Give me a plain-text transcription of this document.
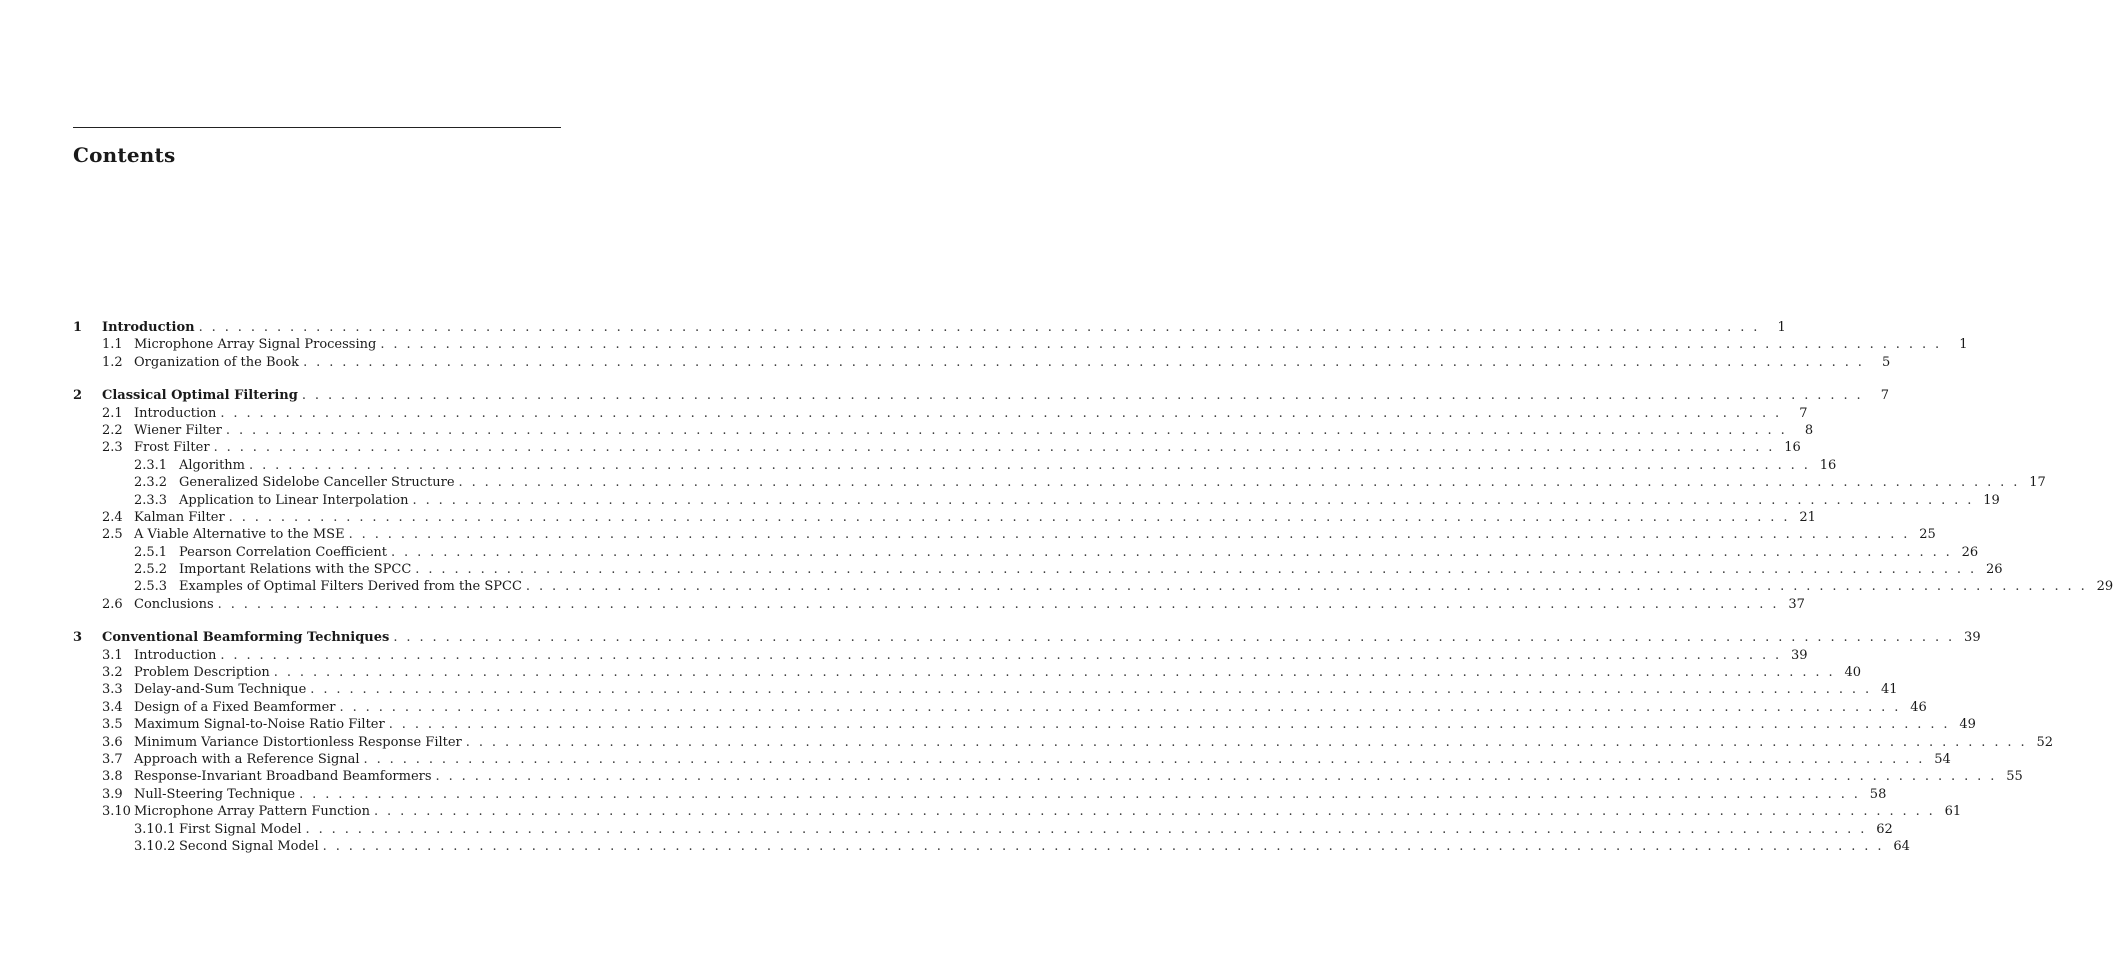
Contents
1 Introduction . . . . . . . . . . . . . . . . . . . . . . . . . . . . . . . . . . . . . . . . . . . . . . . . . . . . . . . . . . . . . . . . . . . . . . . . . . . . . . . . . . . . . . . . . . . . . . . . . . . . . . . . . . . . . . . . . . . . . . . .	1
1.1 Microphone Array Signal Processing . . . . . . . . . . . . . . . . . . . . . . . . . . . . . . . . . . . . . . . . . . . . . . . . . . . . . . . . . . . . . . . . . . . . . . . . . . . . . . . . . . . . . . . . . . . . . . . . . . . . . . . . . . . . . . . . . . . . . . . .	1
1.2 Organization of the Book . . . . . . . . . . . . . . . . . . . . . . . . . . . . . . . . . . . . . . . . . . . . . . . . . . . . . . . . . . . . . . . . . . . . . . . . . . . . . . . . . . . . . . . . . . . . . . . . . . . . . . . . . . . . . . . . . . . . . . . .	5
2 Classical Optimal Filtering . . . . . . . . . . . . . . . . . . . . . . . . . . . . . . . . . . . . . . . . . . . . . . . . . . . . . . . . . . . . . . . . . . . . . . . . . . . . . . . . . . . . . . . . . . . . . . . . . . . . . . . . . . . . . . . . . . . . . . . .	7
2.1 Introduction . . . . . . . . . . . . . . . . . . . . . . . . . . . . . . . . . . . . . . . . . . . . . . . . . . . . . . . . . . . . . . . . . . . . . . . . . . . . . . . . . . . . . . . . . . . . . . . . . . . . . . . . . . . . . . . . . . . . . . . .	7
2.2 Wiener Filter . . . . . . . . . . . . . . . . . . . . . . . . . . . . . . . . . . . . . . . . . . . . . . . . . . . . . . . . . . . . . . . . . . . . . . . . . . . . . . . . . . . . . . . . . . . . . . . . . . . . . . . . . . . . . . . . . . . . . . . .	8
2.3 Frost Filter . . . . . . . . . . . . . . . . . . . . . . . . . . . . . . . . . . . . . . . . . . . . . . . . . . . . . . . . . . . . . . . . . . . . . . . . . . . . . . . . . . . . . . . . . . . . . . . . . . . . . . . . . . . . . . . . . . . . . . . . 16
2.3.1 Algorithm . . . . . . . . . . . . . . . . . . . . . . . . . . . . . . . . . . . . . . . . . . . . . . . . . . . . . . . . . . . . . . . . . . . . . . . . . . . . . . . . . . . . . . . . . . . . . . . . . . . . . . . . . . . . . . . . . . . . . . . . 16
2.3.2 Generalized Sidelobe Canceller Structure . . . . . . . . . . . . . . . . . . . . . . . . . . . . . . . . . . . . . . . . . . . . . . . . . . . . . . . . . . . . . . . . . . . . . . . . . . . . . . . . . . . . . . . . . . . . . . . . . . . . . . . . . . . . . . . . . . . . . . . . 17
2.3.3 Application to Linear Interpolation . . . . . . . . . . . . . . . . . . . . . . . . . . . . . . . . . . . . . . . . . . . . . . . . . . . . . . . . . . . . . . . . . . . . . . . . . . . . . . . . . . . . . . . . . . . . . . . . . . . . . . . . . . . . . . . . . . . . . . . . 19
2.4 Kalman Filter . . . . . . . . . . . . . . . . . . . . . . . . . . . . . . . . . . . . . . . . . . . . . . . . . . . . . . . . . . . . . . . . . . . . . . . . . . . . . . . . . . . . . . . . . . . . . . . . . . . . . . . . . . . . . . . . . . . . . . . . 21
2.5 A Viable Alternative to the MSE . . . . . . . . . . . . . . . . . . . . . . . . . . . . . . . . . . . . . . . . . . . . . . . . . . . . . . . . . . . . . . . . . . . . . . . . . . . . . . . . . . . . . . . . . . . . . . . . . . . . . . . . . . . . . . . . . . . . . . . . 25
2.5.1 Pearson Correlation Coefficient . . . . . . . . . . . . . . . . . . . . . . . . . . . . . . . . . . . . . . . . . . . . . . . . . . . . . . . . . . . . . . . . . . . . . . . . . . . . . . . . . . . . . . . . . . . . . . . . . . . . . . . . . . . . . . . . . . . . . . . . 26
2.5.2 Important Relations with the SPCC . . . . . . . . . . . . . . . . . . . . . . . . . . . . . . . . . . . . . . . . . . . . . . . . . . . . . . . . . . . . . . . . . . . . . . . . . . . . . . . . . . . . . . . . . . . . . . . . . . . . . . . . . . . . . . . . . . . . . . . . 26
2.5.3 Examples of Optimal Filters Derived from the SPCC . . . . . . . . . . . . . . . . . . . . . . . . . . . . . . . . . . . . . . . . . . . . . . . . . . . . . . . . . . . . . . . . . . . . . . . . . . . . . . . . . . . . . . . . . . . . . . . . . . . . . . . . . . . . . . . . . . . . . . . . 29
2.6 Conclusions . . . . . . . . . . . . . . . . . . . . . . . . . . . . . . . . . . . . . . . . . . . . . . . . . . . . . . . . . . . . . . . . . . . . . . . . . . . . . . . . . . . . . . . . . . . . . . . . . . . . . . . . . . . . . . . . . . . . . . . . 37
3 Conventional Beamforming Techniques . . . . . . . . . . . . . . . . . . . . . . . . . . . . . . . . . . . . . . . . . . . . . . . . . . . . . . . . . . . . . . . . . . . . . . . . . . . . . . . . . . . . . . . . . . . . . . . . . . . . . . . . . . . . . . . . . . . . . . . . 39
3.1 Introduction . . . . . . . . . . . . . . . . . . . . . . . . . . . . . . . . . . . . . . . . . . . . . . . . . . . . . . . . . . . . . . . . . . . . . . . . . . . . . . . . . . . . . . . . . . . . . . . . . . . . . . . . . . . . . . . . . . . . . . . . 39
3.2 Problem Description . . . . . . . . . . . . . . . . . . . . . . . . . . . . . . . . . . . . . . . . . . . . . . . . . . . . . . . . . . . . . . . . . . . . . . . . . . . . . . . . . . . . . . . . . . . . . . . . . . . . . . . . . . . . . . . . . . . . . . . . 40
3.3 Delay-and-Sum Technique . . . . . . . . . . . . . . . . . . . . . . . . . . . . . . . . . . . . . . . . . . . . . . . . . . . . . . . . . . . . . . . . . . . . . . . . . . . . . . . . . . . . . . . . . . . . . . . . . . . . . . . . . . . . . . . . . . . . . . . . 41
3.4 Design of a Fixed Beamformer . . . . . . . . . . . . . . . . . . . . . . . . . . . . . . . . . . . . . . . . . . . . . . . . . . . . . . . . . . . . . . . . . . . . . . . . . . . . . . . . . . . . . . . . . . . . . . . . . . . . . . . . . . . . . . . . . . . . . . . . 46
3.5 Maximum Signal-to-Noise Ratio Filter . . . . . . . . . . . . . . . . . . . . . . . . . . . . . . . . . . . . . . . . . . . . . . . . . . . . . . . . . . . . . . . . . . . . . . . . . . . . . . . . . . . . . . . . . . . . . . . . . . . . . . . . . . . . . . . . . . . . . . . . 49
3.6 Minimum Variance Distortionless Response Filter . . . . . . . . . . . . . . . . . . . . . . . . . . . . . . . . . . . . . . . . . . . . . . . . . . . . . . . . . . . . . . . . . . . . . . . . . . . . . . . . . . . . . . . . . . . . . . . . . . . . . . . . . . . . . . . . . . . . . . . . 52
3.7 Approach with a Reference Signal . . . . . . . . . . . . . . . . . . . . . . . . . . . . . . . . . . . . . . . . . . . . . . . . . . . . . . . . . . . . . . . . . . . . . . . . . . . . . . . . . . . . . . . . . . . . . . . . . . . . . . . . . . . . . . . . . . . . . . . . 54
3.8 Response-Invariant Broadband Beamformers . . . . . . . . . . . . . . . . . . . . . . . . . . . . . . . . . . . . . . . . . . . . . . . . . . . . . . . . . . . . . . . . . . . . . . . . . . . . . . . . . . . . . . . . . . . . . . . . . . . . . . . . . . . . . . . . . . . . . . . . 55
3.9 Null-Steering Technique . . . . . . . . . . . . . . . . . . . . . . . . . . . . . . . . . . . . . . . . . . . . . . . . . . . . . . . . . . . . . . . . . . . . . . . . . . . . . . . . . . . . . . . . . . . . . . . . . . . . . . . . . . . . . . . . . . . . . . . . 58
3.10 Microphone Array Pattern Function . . . . . . . . . . . . . . . . . . . . . . . . . . . . . . . . . . . . . . . . . . . . . . . . . . . . . . . . . . . . . . . . . . . . . . . . . . . . . . . . . . . . . . . . . . . . . . . . . . . . . . . . . . . . . . . . . . . . . . . . 61
3.10.1 First Signal Model . . . . . . . . . . . . . . . . . . . . . . . . . . . . . . . . . . . . . . . . . . . . . . . . . . . . . . . . . . . . . . . . . . . . . . . . . . . . . . . . . . . . . . . . . . . . . . . . . . . . . . . . . . . . . . . . . . . . . . . . 62
3.10.2 Second Signal Model . . . . . . . . . . . . . . . . . . . . . . . . . . . . . . . . . . . . . . . . . . . . . . . . . . . . . . . . . . . . . . . . . . . . . . . . . . . . . . . . . . . . . . . . . . . . . . . . . . . . . . . . . . . . . . . . . . . . . . . . 64
